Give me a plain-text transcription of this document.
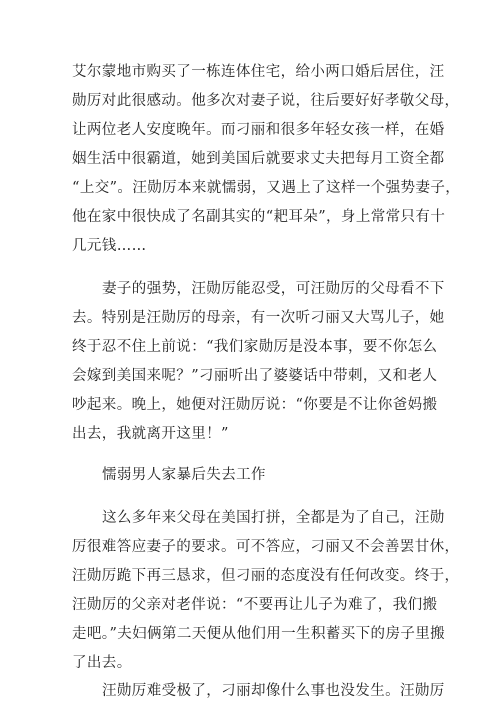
艾尔蒙地市购买了一栋连体住宅，给小两口婚后居住，汪
勋厉对此很感动。他多次对妻子说，往后要好好孝敬父母，
让两位老人安度晚年。而刁丽和很多年轻女孩一样，在婚
姻生活中很霸道，她到美国后就要求丈夫把每月工资全都
“上交”。汪勋厉本来就懦弱，又遇上了这样一个强势妻子，
他在家中很快成了名副其实的“耙耳朵”，身上常常只有十
几元钱……
妻子的强势，汪勋厉能忍受，可汪勋厉的父母看不下
去。特别是汪勋厉的母亲，有一次听刁丽又大骂儿子，她
终于忍不住上前说：“我们家勋厉是没本事，要不你怎么
会嫁到美国来呢？”刁丽听出了婆婆话中带刺，又和老人
吵起来。晚上，她便对汪勋厉说：“你要是不让你爸妈搬
出去，我就离开这里！”
懦弱男人家暴后失去工作
这么多年来父母在美国打拼，全都是为了自己，汪勋
厉很难答应妻子的要求。可不答应，刁丽又不会善罢甘休，
汪勋厉跪下再三恳求，但刁丽的态度没有任何改变。终于，
汪勋厉的父亲对老伴说：“不要再让儿子为难了，我们搬
走吧。”夫妇俩第二天便从他们用一生积蓄买下的房子里搬
了出去。
汪勋厉难受极了，刁丽却像什么事也没发生。汪勋厉
